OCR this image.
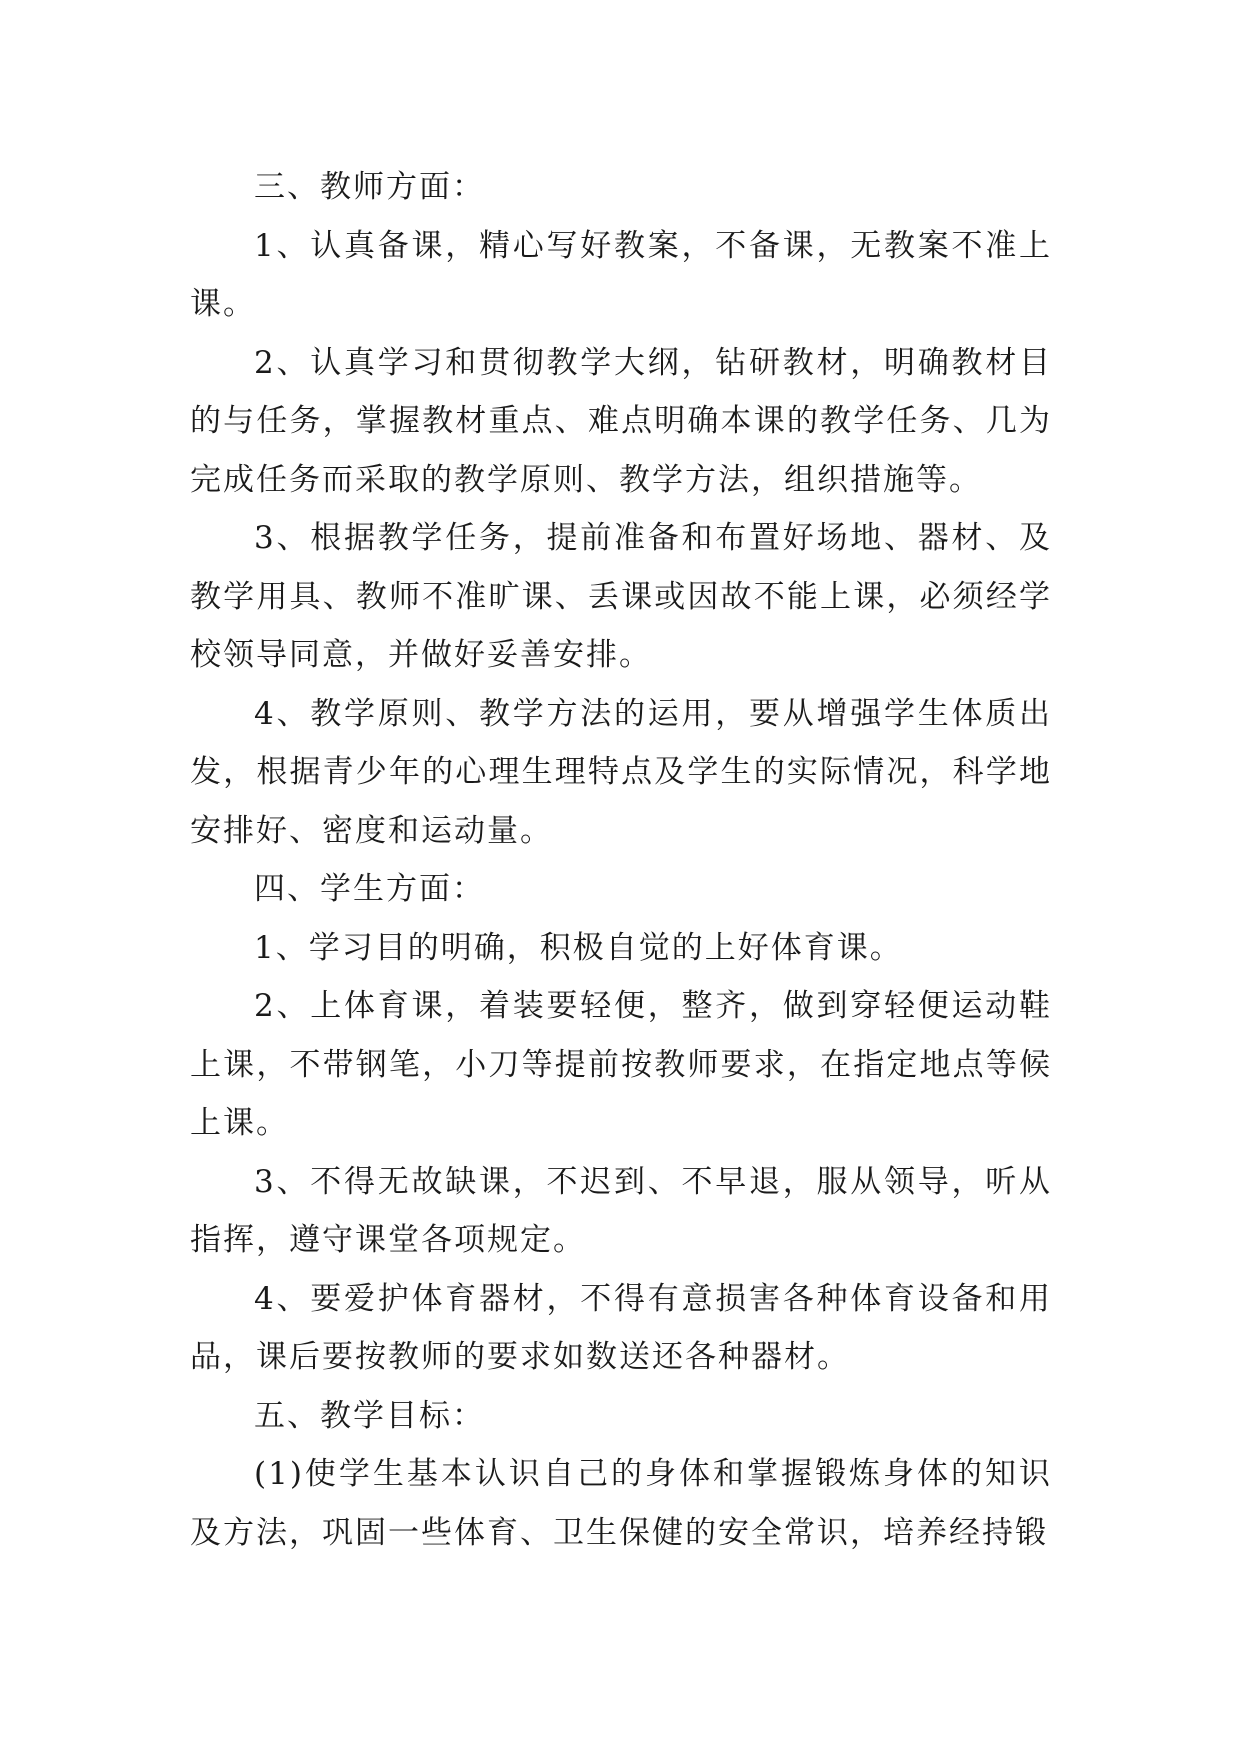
三、教师方面：

1、认真备课，精心写好教案，不备课，无教案不准上课。

2、认真学习和贯彻教学大纲，钻研教材，明确教材目的与任务，掌握教材重点、难点明确本课的教学任务、几为完成任务而采取的教学原则、教学方法，组织措施等。

3、根据教学任务，提前准备和布置好场地、器材、及教学用具、教师不准旷课、丢课或因故不能上课，必须经学校领导同意，并做好妥善安排。

4、教学原则、教学方法的运用，要从增强学生体质出发，根据青少年的心理生理特点及学生的实际情况，科学地安排好、密度和运动量。

四、学生方面：

1、学习目的明确，积极自觉的上好体育课。

2、上体育课，着装要轻便，整齐，做到穿轻便运动鞋上课，不带钢笔，小刀等提前按教师要求，在指定地点等候上课。

3、不得无故缺课，不迟到、不早退，服从领导，听从指挥，遵守课堂各项规定。

4、要爱护体育器材，不得有意损害各种体育设备和用品，课后要按教师的要求如数送还各种器材。

五、教学目标：

(1)使学生基本认识自己的身体和掌握锻炼身体的知识及方法，巩固一些体育、卫生保健的安全常识，培养经持锻
